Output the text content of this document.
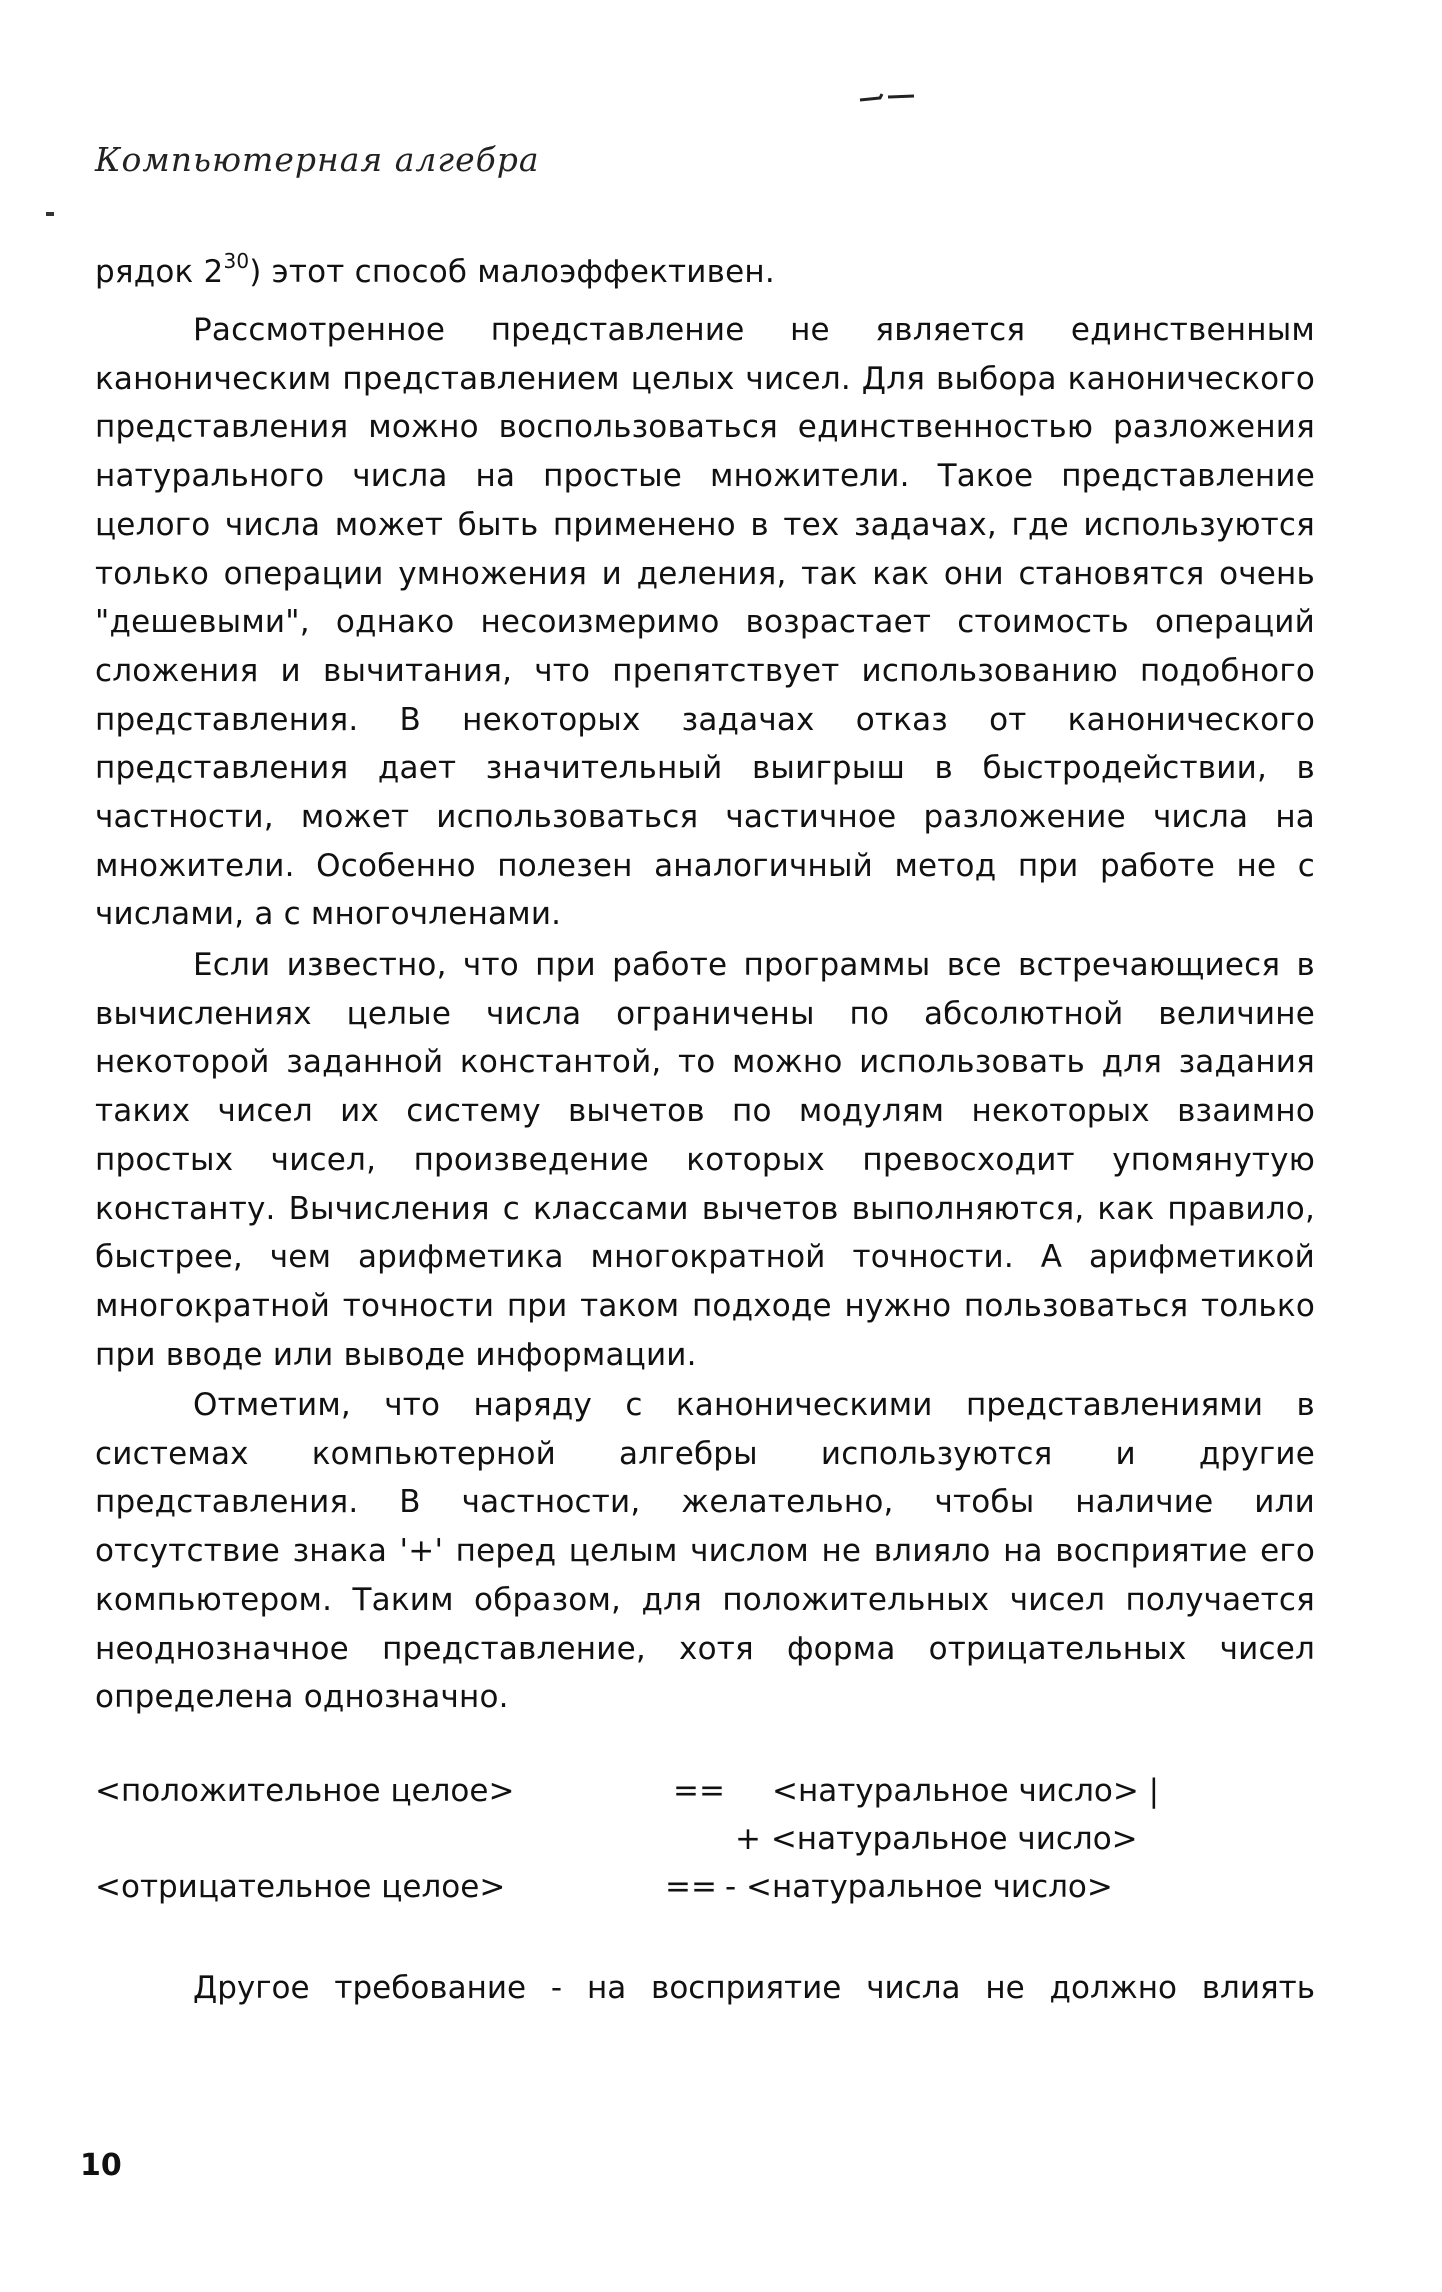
Компьютерная алгебра
рядок $2^{30}$) этот способ малоэффективен.

Рассмотренное представление не является единственным каноническим представлением целых чисел. Для выбора канонического представления можно воспользоваться единственностью разложения натурального числа на простые множители. Такое представление целого числа может быть применено в тех задачах, где используются только операции умножения и деления, так как они становятся очень "дешевыми", однако несоизмеримо возрастает стоимость операций сложения и вычитания, что препятствует использованию подобного представления. В некоторых задачах отказ от канонического представления дает значительный выигрыш в быстродействии, в частности, может использоваться частичное разложение числа на множители. Особенно полезен аналогичный метод при работе не с числами, а с многочленами.

Если известно, что при работе программы все встречающиеся в вычислениях целые числа ограничены по абсолютной величине некоторой заданной константой, то можно использовать для задания таких чисел их систему вычетов по модулям некоторых взаимно простых чисел, произведение которых превосходит упомянутую константу. Вычисления с классами вычетов выполняются, как правило, быстрее, чем арифметика многократной точности. А арифметикой многократной точности при таком подходе нужно пользоваться только при вводе или выводе информации.

Отметим, что наряду с каноническими представлениями в системах компьютерной алгебры используются и другие представления. В частности, желательно, чтобы наличие или отсутствие знака '+' перед целым числом не влияло на восприятие его компьютером. Таким образом, для положительных чисел получается неоднозначное представление, хотя форма отрицательных чисел определена однозначно.

<положительное целое>	== <натуральное число> |
+ <натуральное число>
<отрицательное целое>	== - <натуральное число>
Другое требование - на восприятие числа не должно влиять
10
